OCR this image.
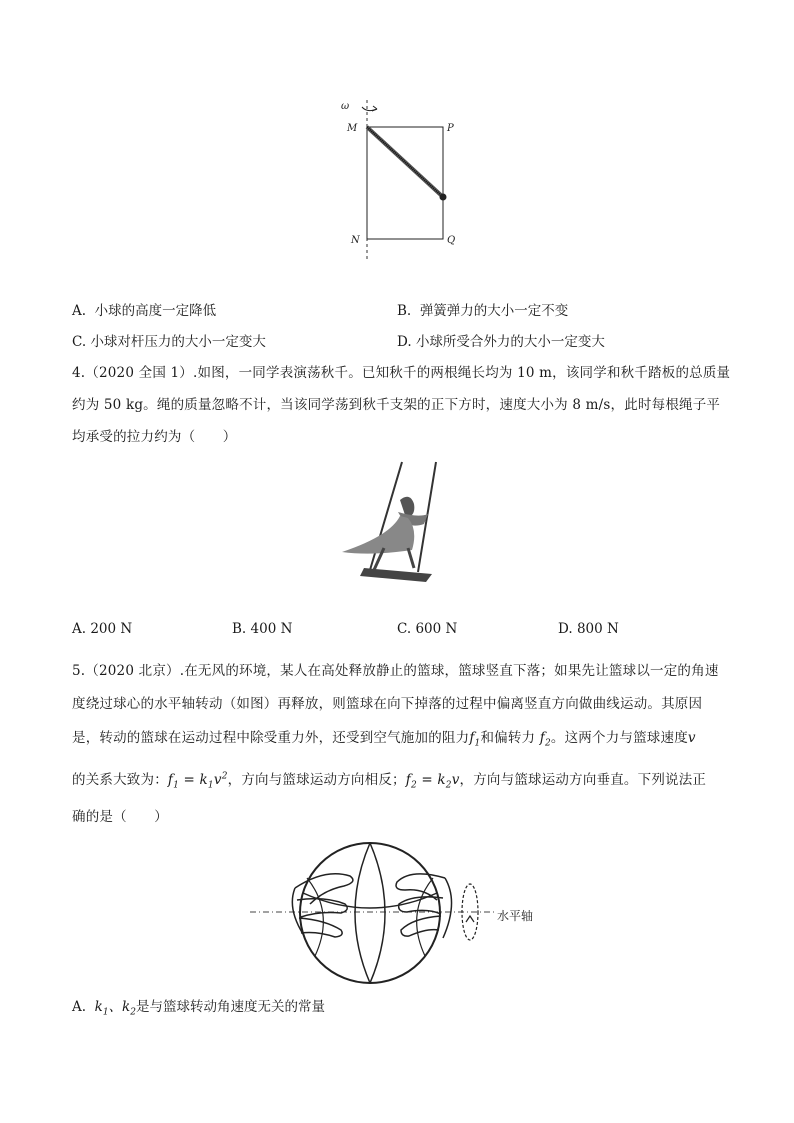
ω
M	P
N	Q
A. 小球的高度一定降低	B. 弹簧弹力的大小一定不变
C. 小球对杆压力的大小一定变大	D. 小球所受合外力的大小一定变大
4.（2020 全国 1）.如图，一同学表演荡秋千。已知秋千的两根绳长均为 10 m，该同学和秋千踏板的总质量
约为 50 kg。绳的质量忽略不计，当该同学荡到秋千支架的正下方时，速度大小为 8 m/s，此时每根绳子平
均承受的拉力约为（　　）
A. 200 N	B. 400 N	C. 600 N	D. 800 N
5.（2020 北京）.在无风的环境，某人在高处释放静止的篮球，篮球竖直下落；如果先让篮球以一定的角速
度绕过球心的水平轴转动（如图）再释放，则篮球在向下掉落的过程中偏离竖直方向做曲线运动。其原因
是，转动的篮球在运动过程中除受重力外，还受到空气施加的阻力$f_1$和偏转力 $f_2$。这两个力与篮球速度v
的关系大致为：$f_1 = k_1v^2$，方向与篮球运动方向相反；$f_2 = k_2v$，方向与篮球运动方向垂直。下列说法正
确的是（　　）
水平轴
A. $k_1$、$k_2$是与篮球转动角速度无关的常量
